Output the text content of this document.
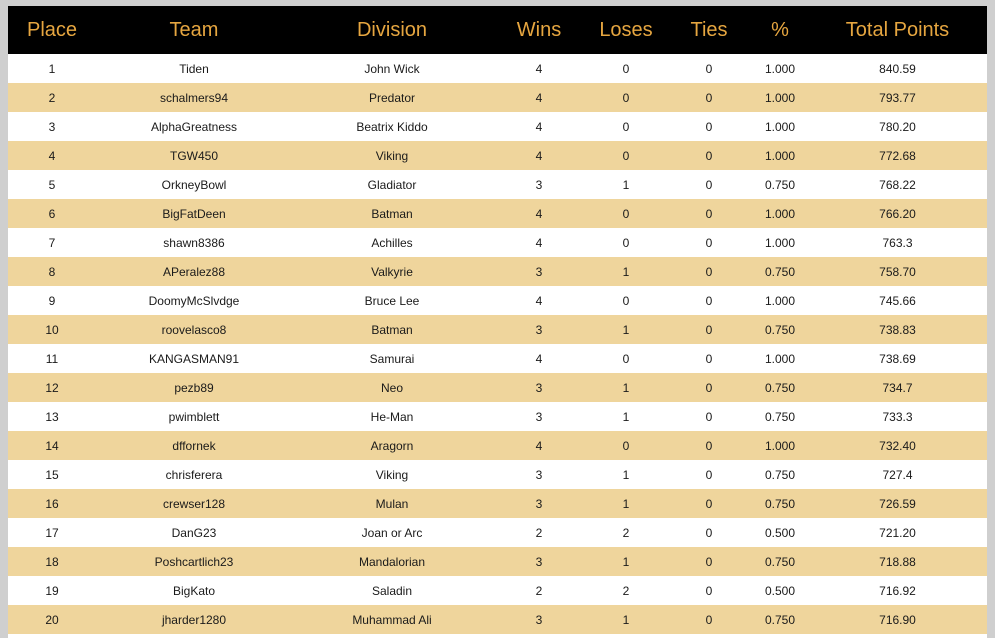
Place	Team	Division	Wins	Loses	Ties	%	Total Points
1	Tiden	John Wick	4	0	0	1.000	840.59
2	schalmers94	Predator	4	0	0	1.000	793.77
3	AlphaGreatness	Beatrix Kiddo	4	0	0	1.000	780.20
4	TGW450	Viking	4	0	0	1.000	772.68
5	OrkneyBowl	Gladiator	3	1	0	0.750	768.22
6	BigFatDeen	Batman	4	0	0	1.000	766.20
7	shawn8386	Achilles	4	0	0	1.000	763.3
8	APeralez88	Valkyrie	3	1	0	0.750	758.70
9	DoomyMcSlvdge	Bruce Lee	4	0	0	1.000	745.66
10	roovelasco8	Batman	3	1	0	0.750	738.83
11	KANGASMAN91	Samurai	4	0	0	1.000	738.69
12	pezb89	Neo	3	1	0	0.750	734.7
13	pwimblett	He-Man	3	1	0	0.750	733.3
14	dffornek	Aragorn	4	0	0	1.000	732.40
15	chrisferera	Viking	3	1	0	0.750	727.4
16	crewser128	Mulan	3	1	0	0.750	726.59
17	DanG23	Joan or Arc	2	2	0	0.500	721.20
18	Poshcartlich23	Mandalorian	3	1	0	0.750	718.88
19	BigKato	Saladin	2	2	0	0.500	716.92
20	jharder1280	Muhammad Ali	3	1	0	0.750	716.90
